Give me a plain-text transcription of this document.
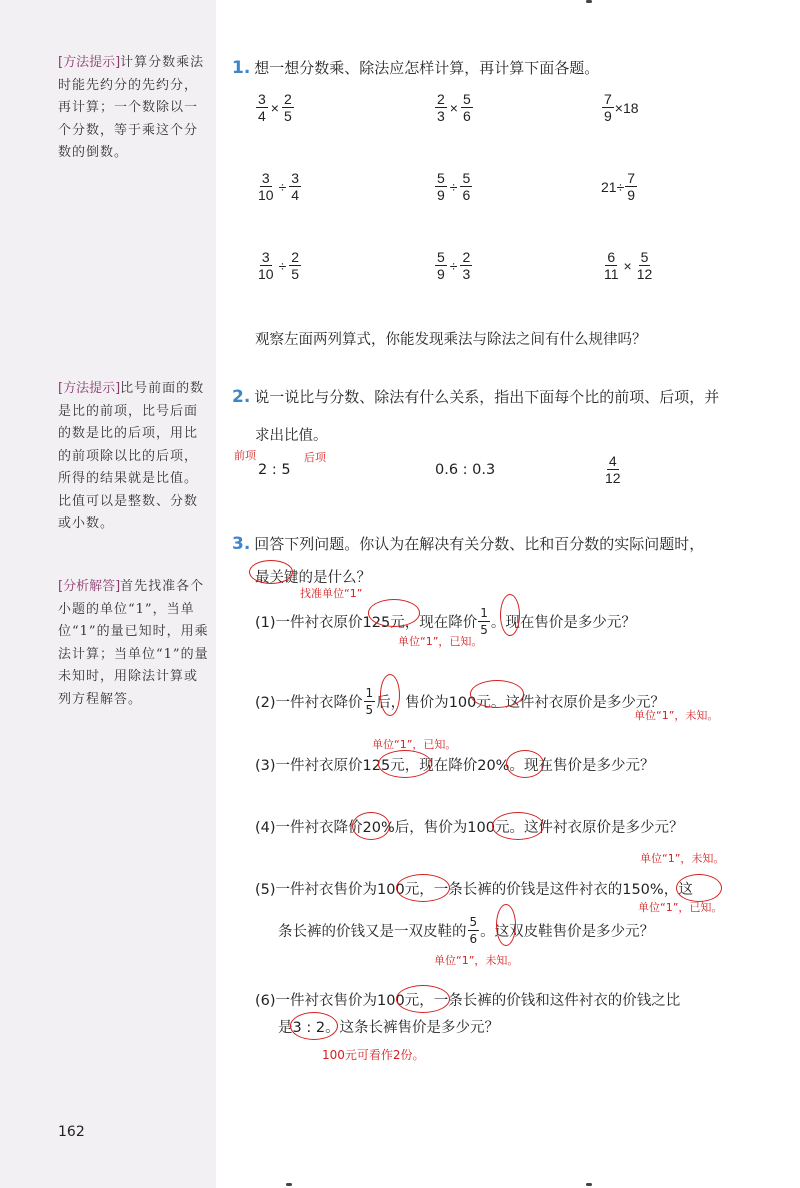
[方法提示]计算分数乘法时能先约分的先约分，再计算；一个数除以一个分数，等于乘这个分数的倒数。
[方法提示]比号前面的数是比的前项，比号后面的数是比的后项，用比的前项除以比的后项，所得的结果就是比值。比值可以是整数、分数或小数。
[分析解答]首先找准各个小题的单位“1”，当单位“1”的量已知时，用乘法计算；当单位“1”的量未知时，用除法计算或列方程解答。
1. 想一想分数乘、除法应怎样计算，再计算下面各题。
$\frac{3}{4} \times \frac{2}{5}$	$\frac{2}{3} \times \frac{5}{6}$	$\frac{7}{9} \times 18$
$\frac{3}{10} \div \frac{3}{4}$	$\frac{5}{9} \div \frac{5}{6}$	$21\div \frac{7}{9}$
$\frac{3}{10} \div \frac{2}{5}$	$\frac{5}{9} \div \frac{2}{3}$	$\frac{6}{11} \times \frac{5}{12}$
观察左面两列算式，你能发现乘法与除法之间有什么规律吗？
2. 说一说比与分数、除法有什么关系，指出下面每个比的前项、后项，并
求出比值。
前项	后项
2 : 5	0.6 : 0.3	$\frac{4}{12}$
3. 回答下列问题。你认为在解决有关分数、比和百分数的实际问题时，
最关键的是什么？
找准单位“1”
(1)一件衬衣原价 125元 ，现在降价 $\frac{1}{5}$ 。现在售价是多少元？
单位“1”，已知。
(2)一件衬衣降价 $\frac{1}{5}$ 后，售价为 100元 。这件衬衣原价是多少元？
单位“1”，未知。
单位“1”，已知。
(3)一件衬衣原价125元，现在降价20%。现在售价是多少元？
(4)一件衬衣降价20%后，售价为100元。这件衬衣原价是多少元？
单位“1”，未知。
(5)一件衬衣售价为100元，一条长裤的价钱是这件衬衣的150%，这
单位“1”，已知。
条长裤的价钱又是一双皮鞋的 $\frac{5}{6}$ 。这双皮鞋售价是多少元？
单位“1”，未知。
(6)一件衬衣售价为100元，一条长裤的价钱和这件衬衣的价钱之比
是3 : 2。这条长裤售价是多少元？
100元可看作2份。
162
